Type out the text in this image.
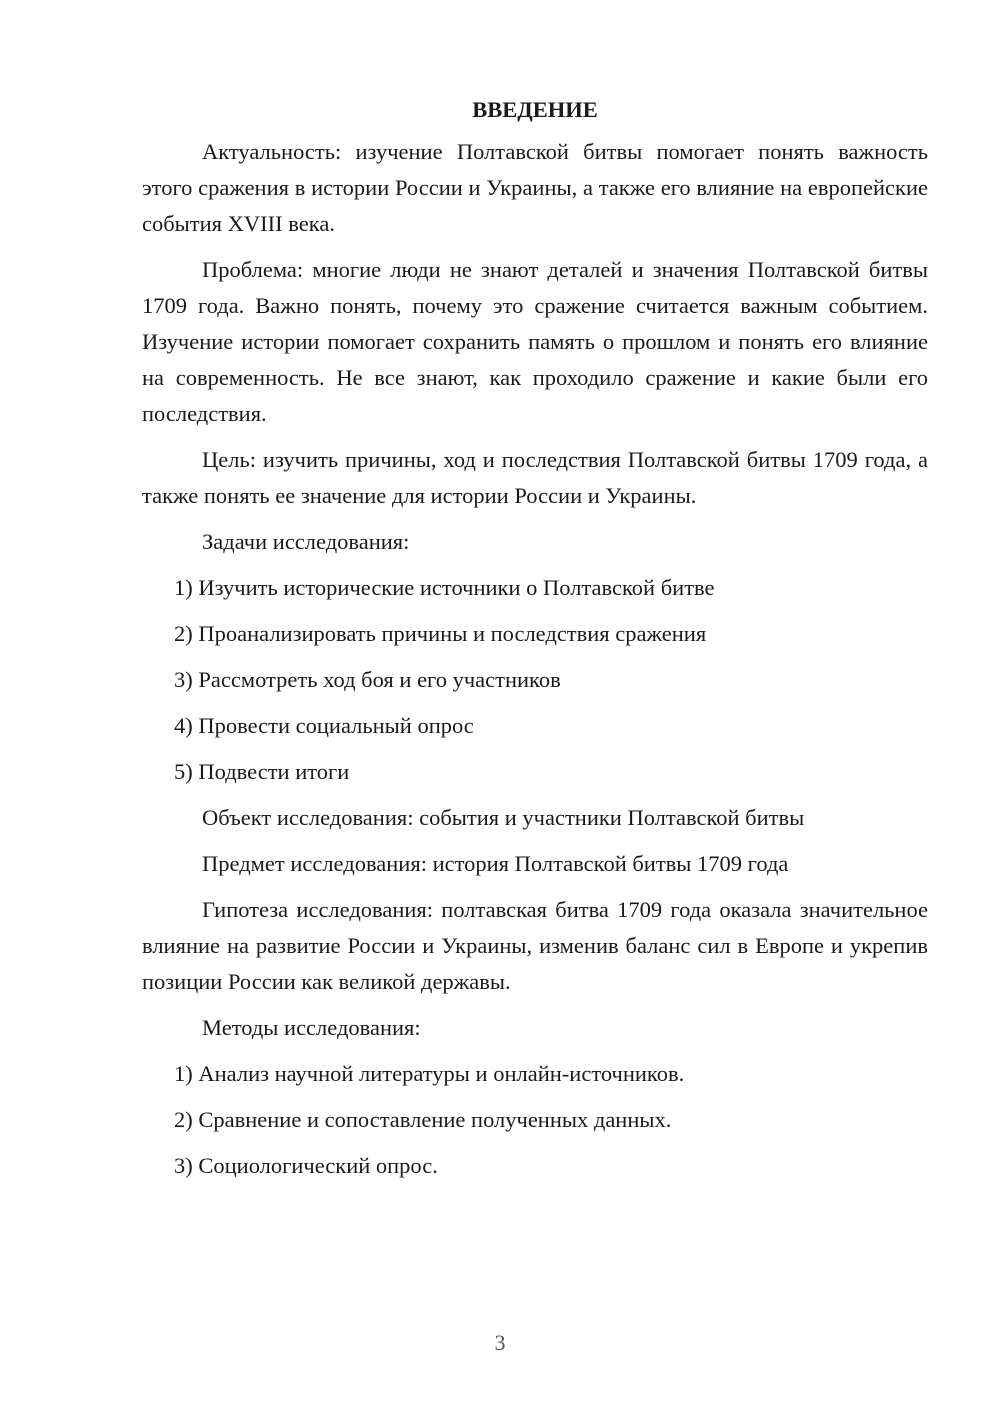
ВВЕДЕНИЕ

Актуальность: изучение Полтавской битвы помогает понять важность этого сражения в истории России и Украины, а также его влияние на европейские события XVIII века.

Проблема: многие люди не знают деталей и значения Полтавской битвы 1709 года. Важно понять, почему это сражение считается важным событием. Изучение истории помогает сохранить память о прошлом и понять его влияние на современность. Не все знают, как проходило сражение и какие были его последствия.

Цель: изучить причины, ход и последствия Полтавской битвы 1709 года, а также понять ее значение для истории России и Украины.

Задачи исследования:

1) Изучить исторические источники о Полтавской битве
2) Проанализировать причины и последствия сражения
3) Рассмотреть ход боя и его участников
4) Провести социальный опрос
5) Подвести итоги

Объект исследования: события и участники Полтавской битвы

Предмет исследования: история Полтавской битвы 1709 года

Гипотеза исследования: полтавская битва 1709 года оказала значительное влияние на развитие России и Украины, изменив баланс сил в Европе и укрепив позиции России как великой державы.

Методы исследования:

1) Анализ научной литературы и онлайн-источников.
2) Сравнение и сопоставление полученных данных.
3) Социологический опрос.
3
